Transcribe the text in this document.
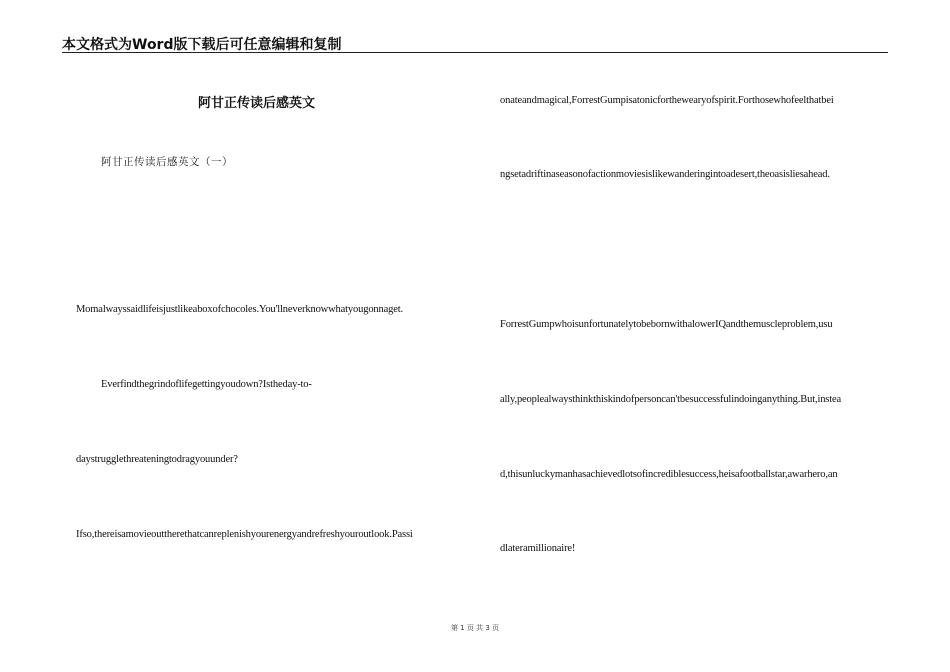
本文格式为Word版下载后可任意编辑和复制
阿甘正传读后感英文
阿甘正传读后感英文（一）
Momalwayssaidlifeisjustlikeaboxofchocoles.You'llneverknowwhatyougonnaget.
Everfindthegrindoflifegettingyoudown?Istheday-to-
daystrugglethreateningtodragyouunder?
Ifso,thereisamovieouttherethatcanreplenishyourenergyandrefreshyouroutlook.Passi
onateandmagical,ForrestGumpisatonicforthewearyofspirit.Forthosewhofeelthatbei
ngsetadriftinaseasonofactionmoviesislikewanderingintoadesert,theoasisliesahead.
ForrestGumpwhoisunfortunatelytobebornwithalowerIQandthemuscleproblem,usu
ally,peoplealwaysthinkthiskindofpersoncan'tbesuccessfulindoinganything.But,instea
d,thisunluckymanhasachievedlotsofincrediblesuccess,heisafootballstar,awarhero,an
dlateramillionaire!
第 1 页 共 3 页
